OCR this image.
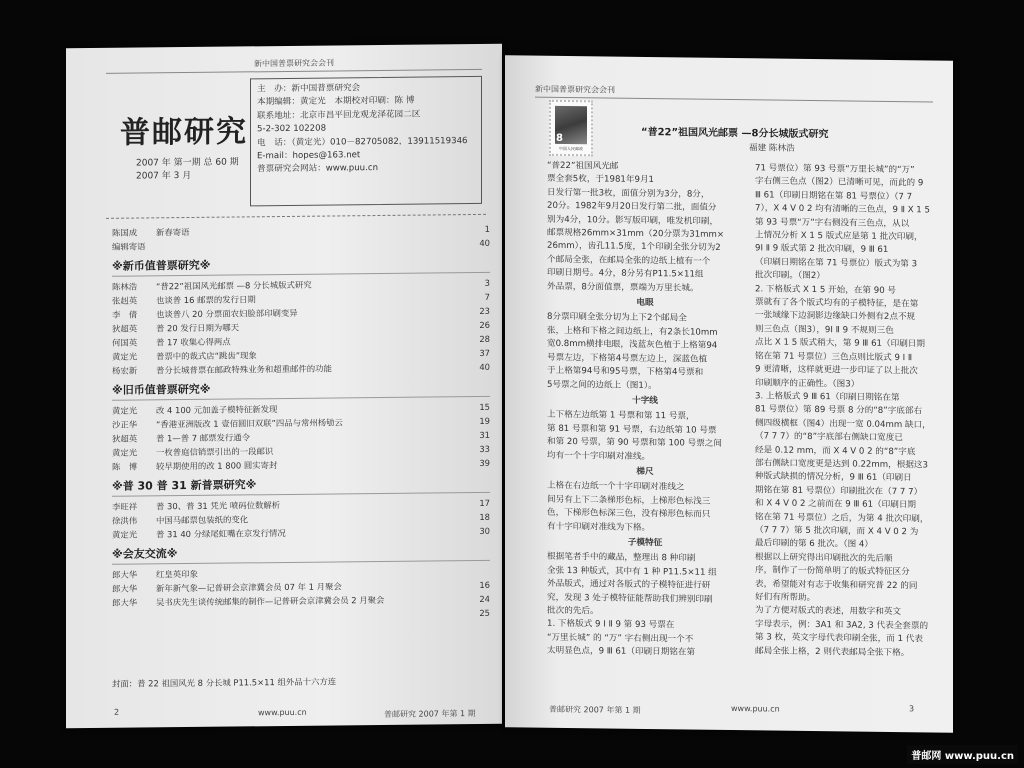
新中国普票研究会会刊
普邮研究
2007 年 第一期 总 60 期
2007 年 3 月
主　办：新中国普票研究会
本期编辑：黄定光　本期校对印刷：陈 博
联系地址：北京市昌平回龙观龙泽花园二区
5-2-302 102208
电　话：（黄定光）010－82705082，13911519346
E-mail：hopes@163.net
普票研究会网站：www.puu.cn
陈国成	新春寄语	1
编辑寄语	40
※新币值普票研究※
陈林浩	“普22”祖国风光邮票 —8 分长城版式研究	3
张赳英	也谈普 16 邮票的发行日期	7
李　倩	也谈普八 20 分票面农妇脸部印刷变异	23
狄超英	普 20 发行日期为哪天	26
何国英	普 17 收集心得两点	28
黄定光	普票中的裁式店“跳齿”现象	37
杨宏新	普分长城普票在邮政特殊业务和超重邮件的功能	40
※旧币值普票研究※
黄定光	改 4 100 元加盖子模特征新发现	15
沙正华	“香港亚洲版改 1 壹佰圆旧双联”四品与常州杨劬云	19
狄超英	普 1—普 7 邮票发行通令	31
黄定光	一枚普庭信销票引出的一段邮识	33
陈　博	较早期使用的改 1 800 圆实寄封	39
※普 30 普 31 新普票研究※
李旺祥	普 30、普 31 凭光 喷码位数解析	17
徐洪伟	中国马邮票包装纸的变化	18
黄定光	普 31 40 分绿尾虹嘴在京发行情况	30
※会友交流※
郎大华	红皇英印象
郎大华	新年新气象—记普研会京津冀会员 07 年 1 月聚会	16
郎大华	吴书庆先生谈传统邮集的制作—记普研会京津冀会员 2 月聚会	24
25
封面：普 22 祖国风光 8 分长城 P11.5×11 组外品十六方连
2	www.puu.cn	普邮研究 2007 年第 1 期
新中国普票研究会会刊
8
中国人民邮政
“普22”祖国风光邮票 —8分长城版式研究
福建 陈林浩

“普22”祖国风光邮

票全套5枚，于1981年9月1

日发行第一批3枚，面值分别为3分，8分，

20分。1982年9月20日发行第二批，面值分

别为4分，10分。影写版印刷，唯发机印刷，

邮票规格26mm×31mm（20分票为31mm×

26mm），齿孔11.5度，1个印刷全张分切为2

个邮局全张，在邮局全张的边纸上植有一个

印刷日期号。4分，8分另有P11.5×11组

外品票，8分面值票，票端为万里长城。

电眼

8分票印刷全张分切为上下2个邮局全

张，上格和下格之间边纸上，有2条长10mm

宽0.8mm横排电眼，浅蓝灰色植于上格第94

号票左边，下格第4号票左边上，深蓝色植

于上格第94号和95号票，下格第4号票和

5号票之间的边纸上（图1）。

十字线

上下格左边纸第 1 号票和第 11 号票，

第 81 号票和第 91 号票，右边纸第 10 号票

和第 20 号票，第 90 号票和第 100 号票之间

均有一个十字印刷对准线。

梯尺

上格在右边纸一个十字印刷对准线之

间另有上下二条梯形色标，上梯形色标浅三

色，下梯形色标深三色，没有梯形色标而只

有十字印刷对准线为下格。

子模特征

根据笔者手中的藏品，整理出 8 种印刷

全张 13 种版式，其中有 1 种 P11.5×11 组

外品版式，通过对各版式的子模特征进行研

究，发现 3 处子模特征能帮助我们辨别印刷

批次的先后。

1. 下格版式 9 Ⅰ Ⅱ 9 第 93 号票在

“万里长城” 的 “万” 字右侧出现一个不

太明显色点，9 Ⅲ 61（印刷日期铭在第

71 号票位）第 93 号票“万里长城”的“万”

字右侧三色点（图2）已清晰可见，而此的 9

Ⅲ 61（印刷日期铭在第 81 号票位）（7 7

7），X 4 V 0 2 均有清晰的三色点，9 Ⅱ X 1 5

第 93 号票“万”字右侧没有三色点，从以

上情况分析 X 1 5 版式应是第 1 批次印刷，

9Ⅰ Ⅱ 9 版式第 2 批次印刷，9 Ⅲ 61

（印刷日期铭在第 71 号票位）版式为第 3

批次印刷。（图2）

2. 下格版式 X 1 5 开始，在第 90 号

票就有了各个版式均有的子模特征，是在第

一张域缘下边洞影边缘缺口外侧有2点不规

则三色点（图3），9Ⅰ Ⅱ 9 不规则三色

点比 X 1 5 版式稍大，第 9 Ⅲ 61（印刷日期

铭在第 71 号票位）三色点则比版式 9 Ⅰ Ⅱ

9 更清晰，这样就更进一步印证了以上批次

印刷顺序的正确性。（图3）

3. 上格版式 9 Ⅲ 61（印刷日期铭在第

81 号票位）第 89 号票 8 分的“8”字底部右

侧四级横框（图4）出现一宽 0.04mm 缺口，

（7 7 7）的“8”字底部右侧缺口宽度已

经是 0.12 mm，而 X 4 V 0 2 的“8”字底

部右侧缺口宽度更是达到 0.22mm，根据这3

种版式缺损的情况分析，9 Ⅲ 61（印刷日

期铭在第 81 号票位）印刷批次在（7 7 7）

和 X 4 V 0 2 之前而在 9 Ⅲ 61（印刷日期

铭在第 71 号票位）之后，为第 4 批次印刷，

（7 7 7）第 5 批次印刷，而 X 4 V 0 2 为

最后印刷的第 6 批次。（图 4）

根据以上研究得出印刷批次的先后顺

序，制作了一份简单明了的版式特征区分

表，希望能对有志于收集和研究普 22 的同

好们有所帮助。

为了方便对版式的表述，用数字和英文

字母表示，例：3A1 和 3A2, 3 代表全套票的

第 3 枚，英文字母代表印刷全张，而 1 代表

邮局全张上格，2 则代表邮局全张下格。

普邮研究 2007 年第 1 期	www.puu.cn	3
普邮网 www.puu.cn
